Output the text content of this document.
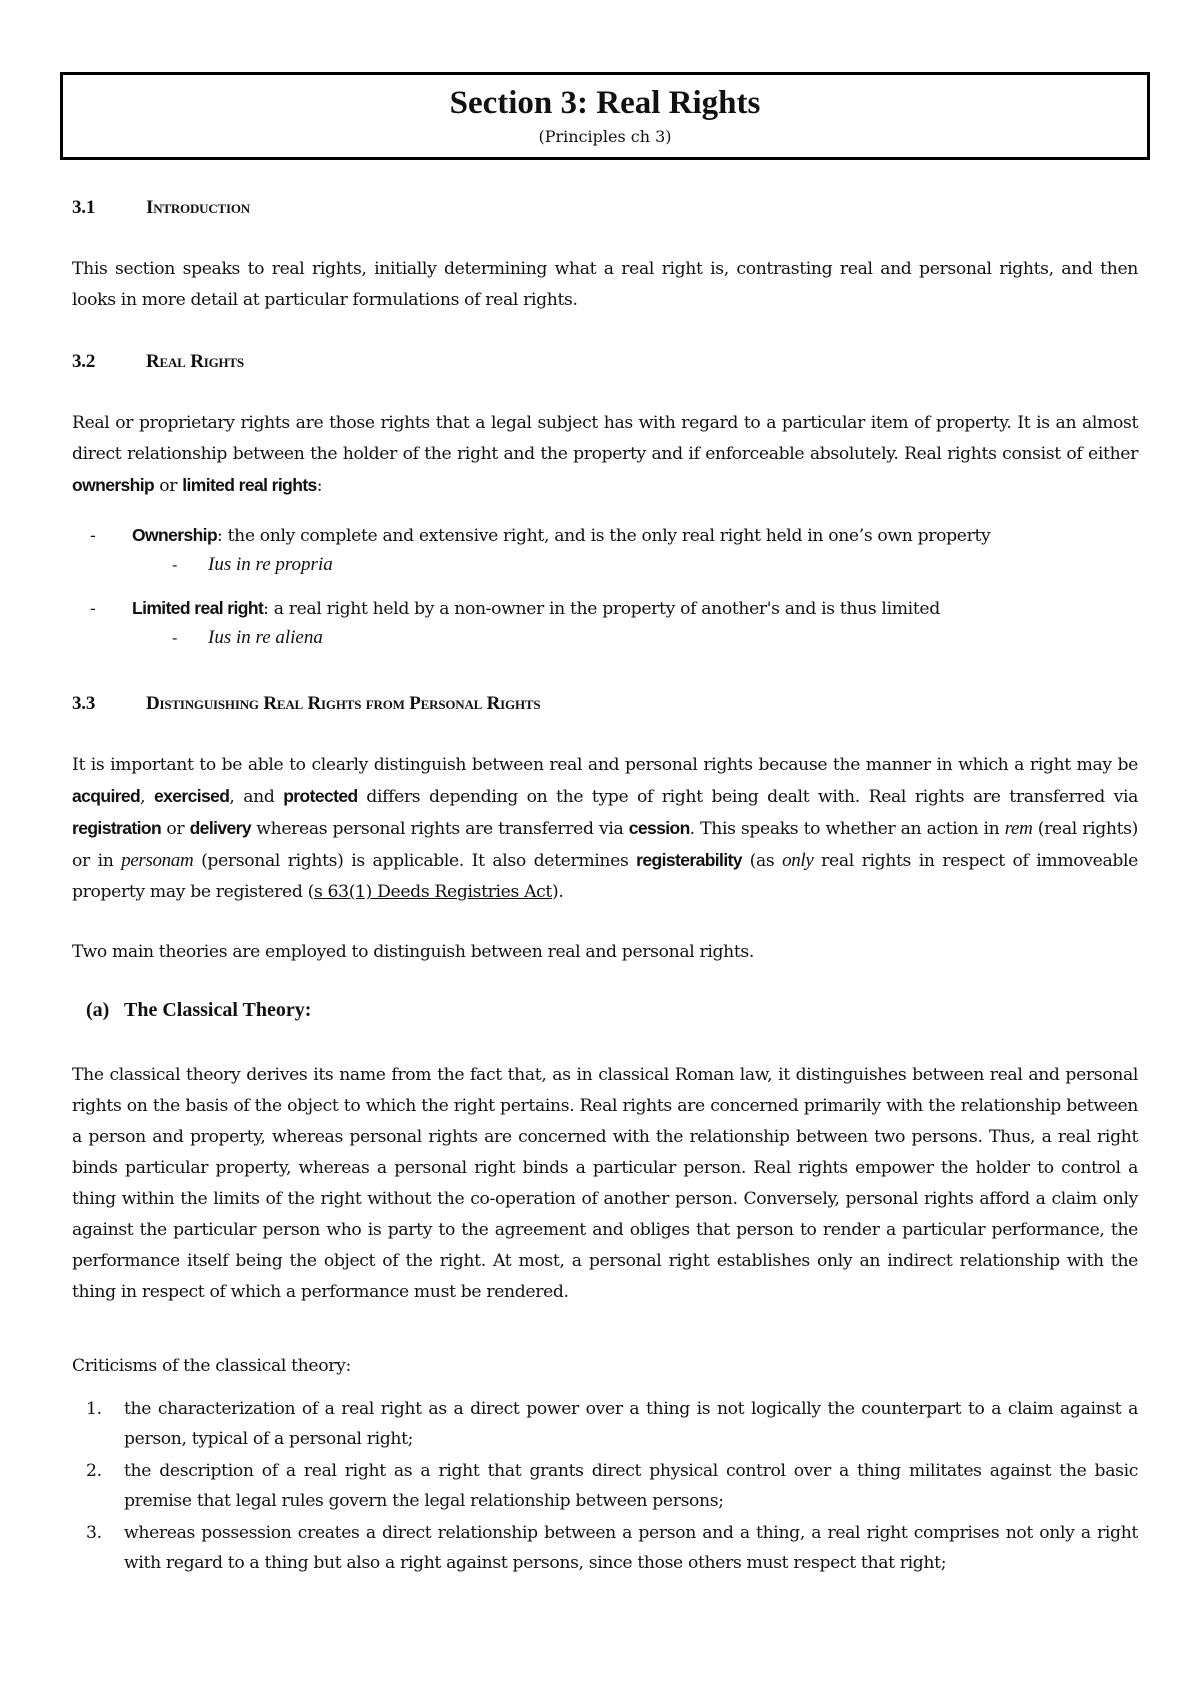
Section 3: Real Rights
(Principles ch 3)
3.1	Introduction
This section speaks to real rights, initially determining what a real right is, contrasting real and personal rights, and then looks in more detail at particular formulations of real rights.
3.2	Real Rights
Real or proprietary rights are those rights that a legal subject has with regard to a particular item of property. It is an almost direct relationship between the holder of the right and the property and if enforceable absolutely. Real rights consist of either ownership or limited real rights:
- Ownership: the only complete and extensive right, and is the only real right held in one’s own property
- Ius in re propria
- Limited real right: a real right held by a non-owner in the property of another's and is thus limited
- Ius in re aliena
3.3	Distinguishing Real Rights from Personal Rights
It is important to be able to clearly distinguish between real and personal rights because the manner in which a right may be acquired, exercised, and protected differs depending on the type of right being dealt with. Real rights are transferred via registration or delivery whereas personal rights are transferred via cession. This speaks to whether an action in rem (real rights) or in personam (personal rights) is applicable. It also determines registerability (as only real rights in respect of immoveable property may be registered (s 63(1) Deeds Registries Act).
Two main theories are employed to distinguish between real and personal rights.
(a) The Classical Theory:
The classical theory derives its name from the fact that, as in classical Roman law, it distinguishes between real and personal rights on the basis of the object to which the right pertains. Real rights are concerned primarily with the relationship between a person and property, whereas personal rights are concerned with the relationship between two persons. Thus, a real right binds particular property, whereas a personal right binds a particular person. Real rights empower the holder to control a thing within the limits of the right without the co-operation of another person. Conversely, personal rights afford a claim only against the particular person who is party to the agreement and obliges that person to render a particular performance, the performance itself being the object of the right. At most, a personal right establishes only an indirect relationship with the thing in respect of which a performance must be rendered.
Criticisms of the classical theory:
1. the characterization of a real right as a direct power over a thing is not logically the counterpart to a claim against a person, typical of a personal right;
2. the description of a real right as a right that grants direct physical control over a thing militates against the basic premise that legal rules govern the legal relationship between persons;
3. whereas possession creates a direct relationship between a person and a thing, a real right comprises not only a right with regard to a thing but also a right against persons, since those others must respect that right;
